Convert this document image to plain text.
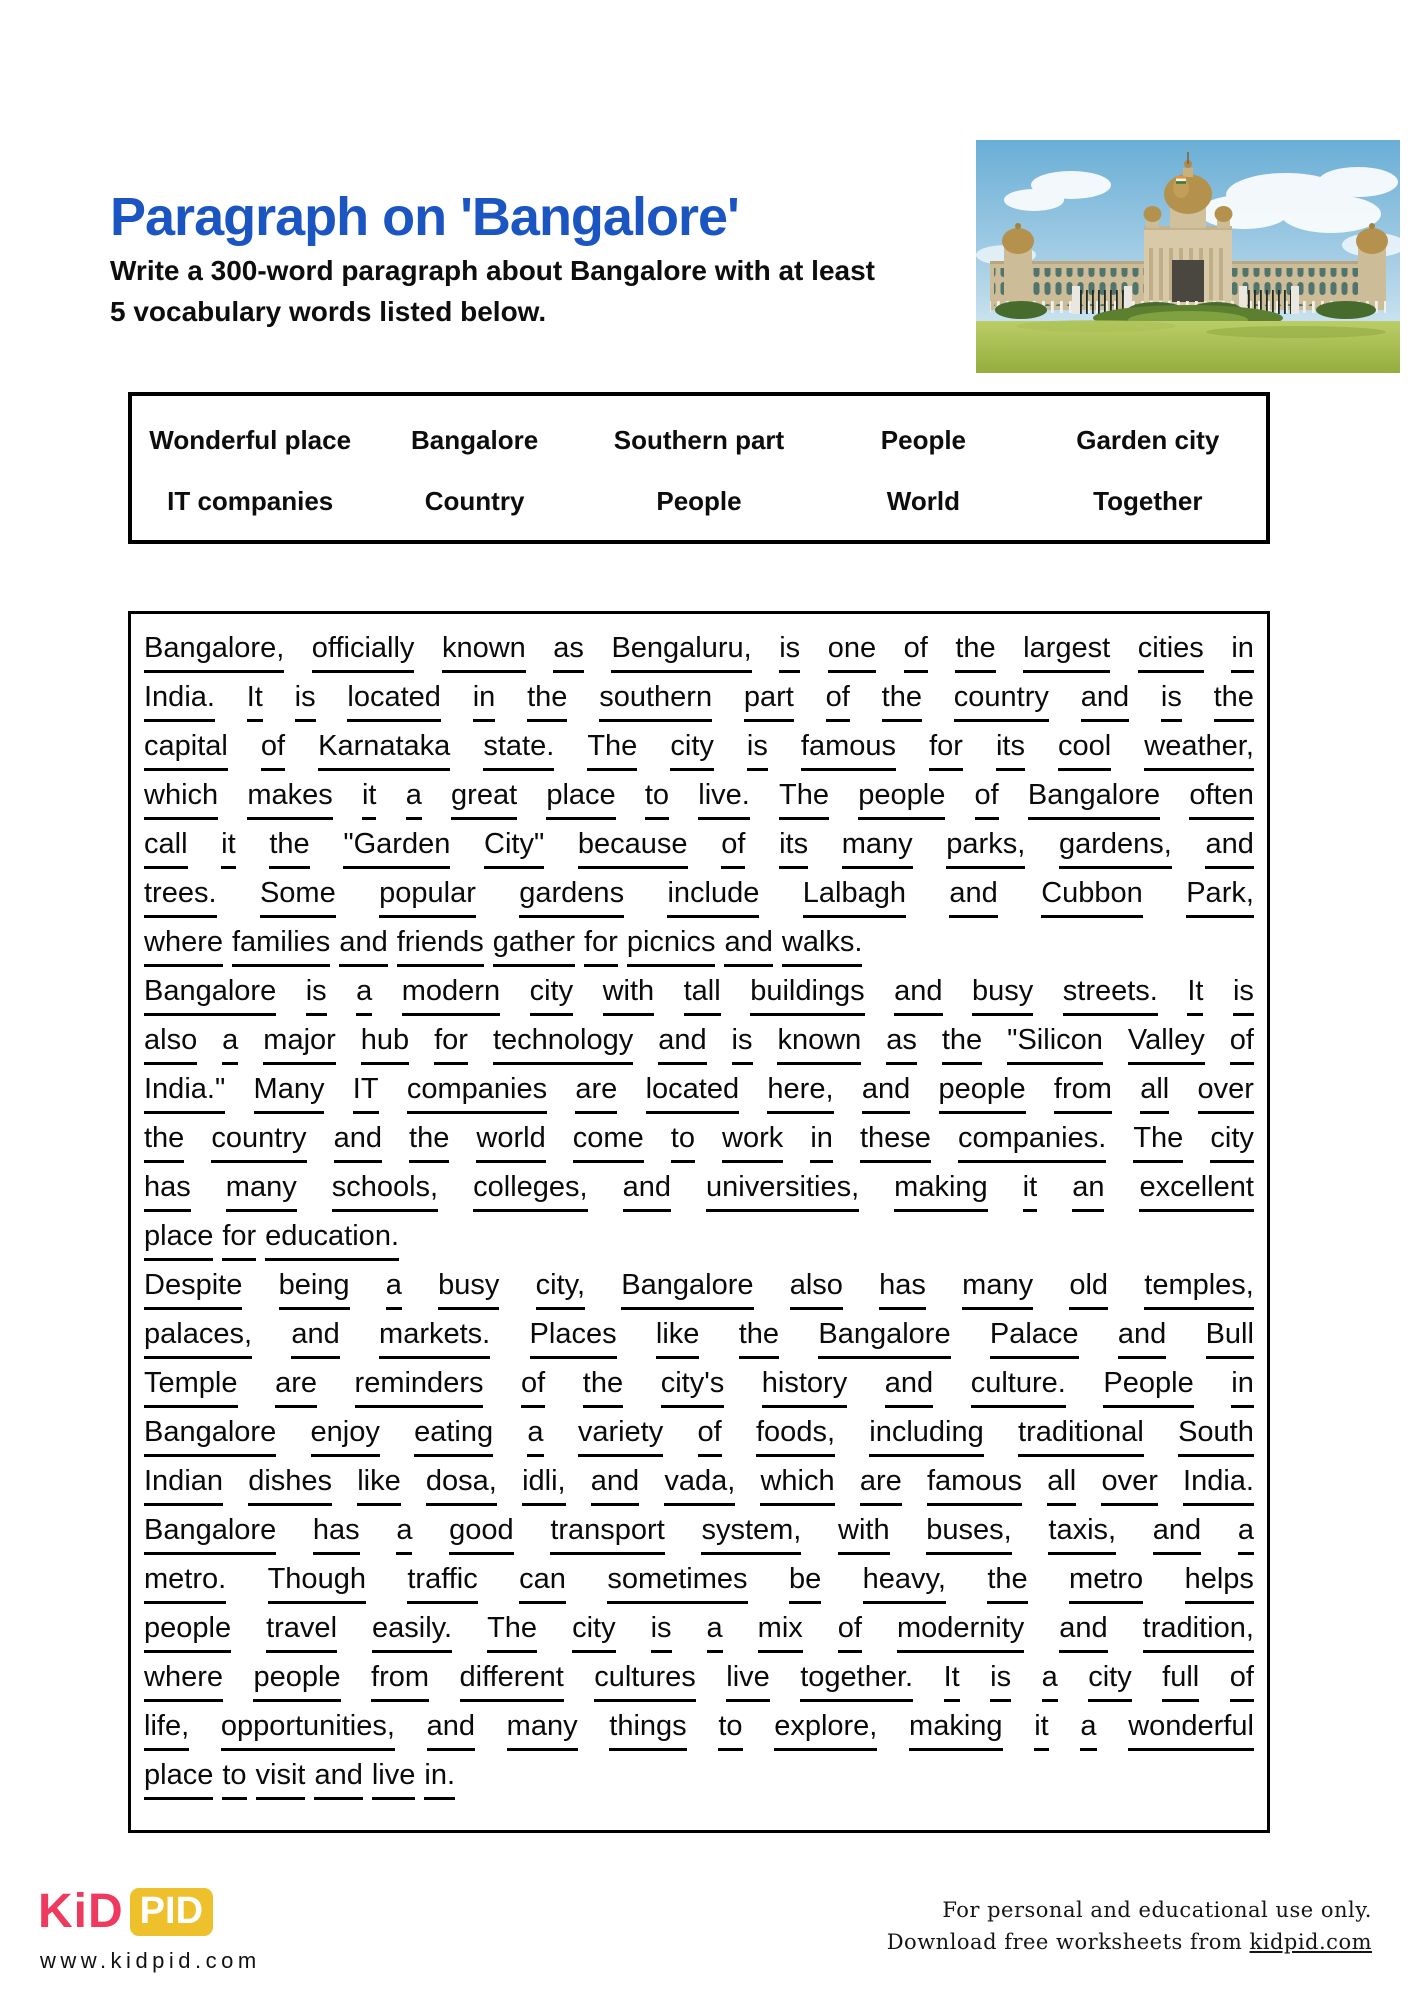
Paragraph on 'Bangalore'
Write a 300-word paragraph about Bangalore with at least
5 vocabulary words listed below.
Wonderful place	Bangalore	Southern part	People	Garden city
IT companies	Country	People	World	Together
Bangalore, officially known as Bengaluru, is one of the largest cities in
India. It is located in the southern part of the country and is the
capital of Karnataka state. The city is famous for its cool weather,
which makes it a great place to live. The people of Bangalore often
call it the "Garden City" because of its many parks, gardens, and
trees. Some popular gardens include Lalbagh and Cubbon Park,
where families and friends gather for picnics and walks.
Bangalore is a modern city with tall buildings and busy streets. It is
also a major hub for technology and is known as the "Silicon Valley of
India." Many IT companies are located here, and people from all over
the country and the world come to work in these companies. The city
has many schools, colleges, and universities, making it an excellent
place for education.
Despite being a busy city, Bangalore also has many old temples,
palaces, and markets. Places like the Bangalore Palace and Bull
Temple are reminders of the city's history and culture. People in
Bangalore enjoy eating a variety of foods, including traditional South
Indian dishes like dosa, idli, and vada, which are famous all over India.
Bangalore has a good transport system, with buses, taxis, and a
metro. Though traffic can sometimes be heavy, the metro helps
people travel easily. The city is a mix of modernity and tradition,
where people from different cultures live together. It is a city full of
life, opportunities, and many things to explore, making it a wonderful
place to visit and live in.
KiD PID
www.kidpid.com
For personal and educational use only.
Download free worksheets from kidpid.com
